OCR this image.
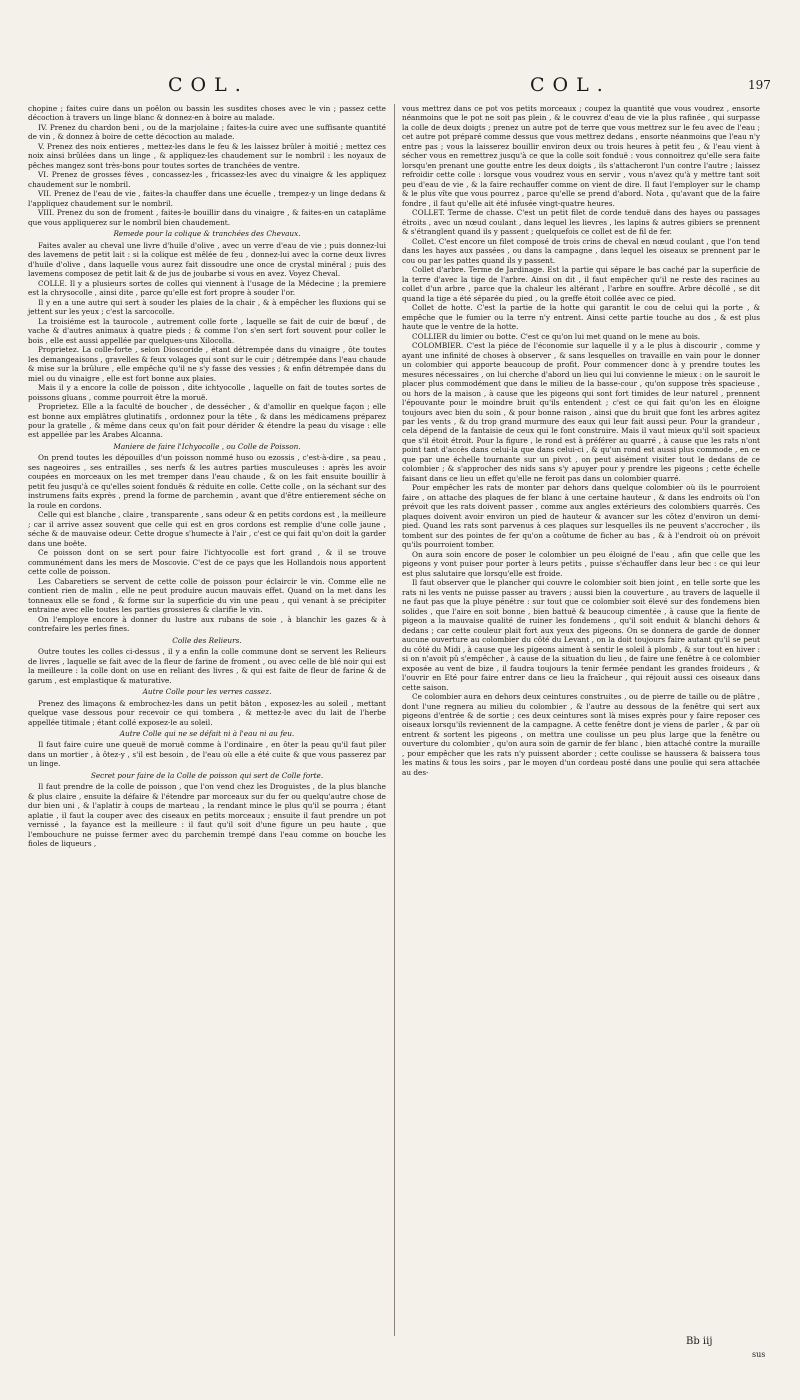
COL.	COL.	197

chopine ; faites cuire dans un poêlon ou bassin les susdites choses avec le vin ; passez cette décoction à travers un linge blanc & donnez-en à boire au malade.

IV. Prenez du chardon beni , ou de la marjolaine ; faites-la cuire avec une suffisante quantité de vin , & donnez à boire de cette décoction au malade.

V. Prenez des noix entieres , mettez-les dans le feu & les laissez brûler à moitié ; mettez ces noix ainsi brûlées dans un linge , & appliquez-les chaudement sur le nombril : les noyaux de pêches mangez sont très-bons pour toutes sortes de tranchées de ventre.

VI. Prenez de grosses féves , concassez-les , fricassez-les avec du vinaigre & les appliquez chaudement sur le nombril.

VII. Prenez de l'eau de vie , faites-la chauffer dans une écuelle , trempez-y un linge dedans & l'appliquez chaudement sur le nombril.

VIII. Prenez du son de froment , faites-le bouillir dans du vinaigre , & faites-en un cataplâme que vous appliquerez sur le nombril bien chaudement.

Remede pour la colique & tranchées des Chevaux.

Faites avaler au cheval une livre d'huile d'olive , avec un verre d'eau de vie ; puis donnez-lui des lavemens de petit lait : si la colique est mêlée de feu , donnez-lui avec la corne deux livres d'huile d'olive , dans laquelle vous aurez fait dissoudre une once de crystal minéral ; puis des lavemens composez de petit lait & de jus de joubarbe si vous en avez. Voyez Cheval.

COLLE. Il y a plusieurs sortes de colles qui viennent à l'usage de la Médecine ; la premiere est la chrysocolle , ainsi dite , parce qu'elle est fort propre à souder l'or.

Il y en a une autre qui sert à souder les plaies de la chair , & à empêcher les fluxions qui se jettent sur les yeux ; c'est la sarcocolle.

La troisiéme est la taurocole , autrement colle forte , laquelle se fait de cuir de bœuf , de vache & d'autres animaux à quatre pieds ; & comme l'on s'en sert fort souvent pour coller le bois , elle est aussi appellée par quelques-uns Xilocolla.

Proprietez. La colle-forte , selon Dioscoride , étant détrempée dans du vinaigre , ôte toutes les demangeaisons , gravelles & feux volages qui sont sur le cuir ; détrempée dans l'eau chaude & mise sur la brûlure , elle empêche qu'il ne s'y fasse des vessies ; & enfin détrempée dans du miel ou du vinaigre , elle est fort bonne aux plaies.

Mais il y a encore la colle de poisson , dite ichtyocolle , laquelle on fait de toutes sortes de poissons gluans , comme pourroit être la moruë.

Proprietez. Elle a la faculté de boucher , de dessécher , & d'amollir en quelque façon ; elle est bonne aux emplâtres glutinatifs , ordonnez pour la tête , & dans les médicamens préparez pour la gratelle , & même dans ceux qu'on fait pour dérider & étendre la peau du visage : elle est appellée par les Arabes Alcanna.

Maniere de faire l'Ichyocolle , ou Colle de Poisson.

On prend toutes les dépouilles d'un poisson nommé huso ou ezossis , c'est-à-dire , sa peau , ses nageoires , ses entrailles , ses nerfs & les autres parties musculeuses : après les avoir coupées en morceaux on les met tremper dans l'eau chaude , & on les fait ensuite bouillir à petit feu jusqu'à ce qu'elles soient fonduës & réduite en colle. Cette colle , on la séchant sur des instrumens faits exprès , prend la forme de parchemin , avant que d'être entierement séche on la roule en cordons.

Celle qui est blanche , claire , transparente , sans odeur & en petits cordons est , la meilleure ; car il arrive assez souvent que celle qui est en gros cordons est remplie d'une colle jaune , séche & de mauvaise odeur. Cette drogue s'humecte à l'air , c'est ce qui fait qu'on doit la garder dans une boëte.

Ce poisson dont on se sert pour faire l'ichtyocolle est fort grand , & il se trouve communément dans les mers de Moscovie. C'est de ce pays que les Hollandois nous apportent cette colle de poisson.

Les Cabaretiers se servent de cette colle de poisson pour éclaircir le vin. Comme elle ne contient rien de malin , elle ne peut produire aucun mauvais effet. Quand on la met dans les tonneaux elle se fond , & forme sur la superficie du vin une peau , qui venant à se précipiter entraine avec elle toutes les parties grossieres & clarifie le vin.

On l'employe encore à donner du lustre aux rubans de soie , à blanchir les gazes & à contrefaire les perles fines.

Colle des Relieurs.

Outre toutes les colles ci-dessus , il y a enfin la colle commune dont se servent les Relieurs de livres , laquelle se fait avec de la fleur de farine de froment , ou avec celle de blé noir qui est la meilleure : la colle dont on use en reliant des livres , & qui est faite de fleur de farine & de garum , est emplastique & maturative.

Autre Colle pour les verres cassez.

Prenez des limaçons & embrochez-les dans un petit bâton , exposez-les au soleil , mettant quelque vase dessous pour recevoir ce qui tombera , & mettez-le avec du lait de l'herbe appellée titimale ; étant collé exposez-le au soleil.

Autre Colle qui ne se défait ni à l'eau ni au feu.

Il faut faire cuire une queuë de moruë comme à l'ordinaire , en ôter la peau qu'il faut piler dans un mortier , à ôtez-y , s'il est besoin , de l'eau où elle a été cuite & que vous passerez par un linge.

Secret pour faire de la Colle de poisson qui sert de Colle forte.

Il faut prendre de la colle de poisson , que l'on vend chez les Droguistes , de la plus blanche & plus claire , ensuite la défaire & l'étendre par morceaux sur du fer ou quelqu'autre chose de dur bien uni , & l'aplatir à coups de marteau , la rendant mince le plus qu'il se pourra ; étant aplatie , il faut la couper avec des ciseaux en petits morceaux ; ensuite il faut prendre un pot vernissé , la fayance est la meilleure : il faut qu'il soit d'une figure un peu haute , que l'embouchure ne puisse fermer avec du parchemin trempé dans l'eau comme on bouche les fioles de liqueurs ,

vous mettrez dans ce pot vos petits morceaux ; coupez la quantité que vous voudrez , ensorte néanmoins que le pot ne soit pas plein , & le couvrez d'eau de vie la plus rafinée , qui surpasse la colle de deux doigts ; prenez un autre pot de terre que vous mettrez sur le feu avec de l'eau ; cet autre pot préparé comme dessus que vous mettrez dedans , ensorte néanmoins que l'eau n'y entre pas ; vous la laisserez bouillir environ deux ou trois heures à petit feu , & l'eau vient à sécher vous en remettrez jusqu'à ce que la colle soit fonduë : vous connoitrez qu'elle sera faite lorsqu'en prenant une goutte entre les deux doigts , ils s'attacheront l'un contre l'autre ; laissez refroidir cette colle : lorsque vous voudrez vous en servir , vous n'avez qu'à y mettre tant soit peu d'eau de vie , & la faire rechauffer comme on vient de dire. Il faut l'employer sur le champ & le plus vîte que vous pourrez , parce qu'elle se prend d'abord. Nota , qu'avant que de la faire fondre , il faut qu'elle ait été infusée vingt-quatre heures.

COLLET. Terme de chasse. C'est un petit filet de corde tenduë dans des hayes ou passages étroits , avec un nœud coulant , dans lequel les lievres , les lapins & autres gibiers se prennent & s'étranglent quand ils y passent ; quelquefois ce collet est de fil de fer.

Collet. C'est encore un filet composé de trois crins de cheval en nœud coulant , que l'on tend dans les hayes aux passées , ou dans la campagne , dans lequel les oiseaux se prennent par le cou ou par les pattes quand ils y passent.

Collet d'arbre. Terme de Jardinage. Est la partie qui sépare le bas caché par la superficie de la terre d'avec la tige de l'arbre. Ainsi on dit , il faut empêcher qu'il ne reste des racines au collet d'un arbre , parce que la chaleur les altérant , l'arbre en souffre. Arbre décollé , se dit quand la tige a été séparée du pied , ou la greffe étoit collée avec ce pied.

Collet de hotte. C'est la partie de la hotte qui garantit le cou de celui qui la porte , & empêche que le fumier ou la terre n'y entrent. Ainsi cette partie touche au dos , & est plus haute que le ventre de la hotte.

COLLIER du limier ou botte. C'est ce qu'on lui met quand on le mene au bois.

COLOMBIER. C'est la piéce de l'économie sur laquelle il y a le plus à discourir , comme y ayant une infinité de choses à observer , & sans lesquelles on travaille en vain pour le donner un colombier qui apporte beaucoup de profit. Pour commencer donc à y prendre toutes les mesures nécessaires , on lui cherche d'abord un lieu qui lui convienne le mieux : on le sauroit le placer plus commodément que dans le milieu de la basse-cour , qu'on suppose très spacieuse , ou hors de la maison , à cause que les pigeons qui sont fort timides de leur naturel , prennent l'épouvante pour le moindre bruit qu'ils entendent ; c'est ce qui fait qu'on les en éloigne toujours avec bien du soin , & pour bonne raison , ainsi que du bruit que font les arbres agitez par les vents , & du trop grand murmure des eaux qui leur fait aussi peur. Pour la grandeur , cela dépend de la fantaisie de ceux qui le font construire. Mais il vaut mieux qu'il soit spacieux que s'il étoit étroit. Pour la figure , le rond est à préférer au quarré , à cause que les rats n'ont point tant d'accès dans celui-la que dans celui-ci , & qu'un rond est aussi plus commode , en ce que par une échelle tournante sur un pivot , on peut aisément visiter tout le dedans de ce colombier ; & s'approcher des nids sans s'y apuyer pour y prendre les pigeons ; cette échelle faisant dans ce lieu un effet qu'elle ne feroit pas dans un colombier quarré.

Pour empêcher les rats de monter par dehors dans quelque colombier où ils le pourroient faire , on attache des plaques de fer blanc à une certaine hauteur , & dans les endroits où l'on prévoit que les rats doivent passer , comme aux angles extérieurs des colombiers quarrés. Ces plaques doivent avoir environ un pied de hauteur & avancer sur les côtez d'environ un demi-pied. Quand les rats sont parvenus à ces plaques sur lesquelles ils ne peuvent s'accrocher , ils tombent sur des pointes de fer qu'on a coûtume de ficher au bas , & à l'endroit où on prévoit qu'ils pourroient tomber.

On aura soin encore de poser le colombier un peu éloigné de l'eau , afin que celle que les pigeons y vont puiser pour porter à leurs petits , puisse s'échauffer dans leur bec : ce qui leur est plus salutaire que lorsqu'elle est froide.

Il faut observer que le plancher qui couvre le colombier soit bien joint , en telle sorte que les rats ni les vents ne puisse passer au travers ; aussi bien la couverture , au travers de laquelle il ne faut pas que la pluye pénétre : sur tout que ce colombier soit élevé sur des fondemens bien solides , que l'aire en soit bonne , bien battuë & beaucoup cimentée , à cause que la fiente de pigeon a la mauvaise qualité de ruiner les fondemens , qu'il soit enduit & blanchi dehors & dedans ; car cette couleur plait fort aux yeux des pigeons. On se donnera de garde de donner aucune ouverture au colombier du côté du Levant , on la doit toujours faire autant qu'il se peut du côté du Midi , à cause que les pigeons aiment à sentir le soleil à plomb , & sur tout en hiver : si on n'avoit pû s'empêcher , à cause de la situation du lieu , de faire une fenêtre à ce colombier exposée au vent de bize , il faudra toujours la tenir fermée pendant les grandes froideurs , & l'ouvrir en Eté pour faire entrer dans ce lieu la fraîcheur , qui réjouit aussi ces oiseaux dans cette saison.

Ce colombier aura en dehors deux ceintures construites , ou de pierre de taille ou de plâtre , dont l'une regnera au milieu du colombier , & l'autre au dessous de la fenêtre qui sert aux pigeons d'entrée & de sortie ; ces deux ceintures sont là mises exprès pour y faire reposer ces oiseaux lorsqu'ils reviennent de la campagne. A cette fenêtre dont je viens de parler , & par où entrent & sortent les pigeons , on mettra une coulisse un peu plus large que la fenêtre ou ouverture du colombier , qu'on aura soin de garnir de fer blanc , bien attaché contre la muraille , pour empêcher que les rats n'y puissent aborder ; cette coulisse se haussera & baissera tous les matins & tous les soirs , par le moyen d'un cordeau posté dans une poulie qui sera attachée au des-

Bb iij
sus
